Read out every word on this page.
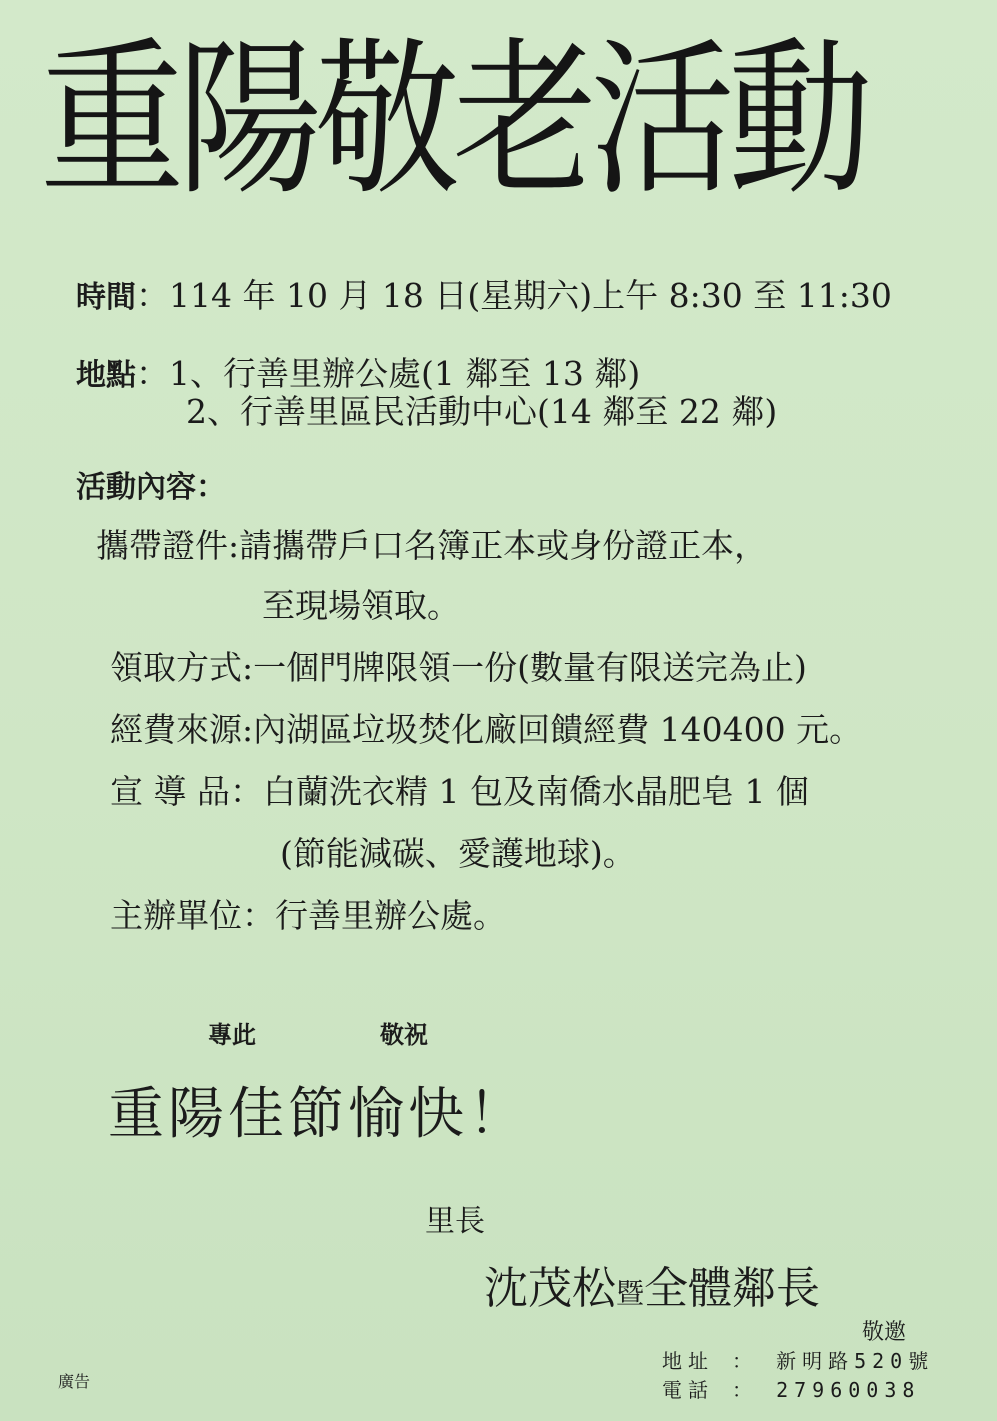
重陽敬老活動
時間：114 年 10 月 18 日(星期六)上午 8:30 至 11:30
地點：1、行善里辦公處(1 鄰至 13 鄰)
2、行善里區民活動中心(14 鄰至 22 鄰)
活動內容：
攜帶證件:請攜帶戶口名簿正本或身份證正本，
至現場領取。
領取方式:一個門牌限領一份(數量有限送完為止)
經費來源:內湖區垃圾焚化廠回饋經費 140400 元。
宣 導 品：白蘭洗衣精 1 包及南僑水晶肥皂 1 個
(節能減碳、愛護地球)。
主辦單位：行善里辦公處。
專此	敬祝
重陽佳節愉快！
里長
沈茂松暨全體鄰長
敬邀
廣告
地址 ： 新明路520號
電話 ： 27960038
